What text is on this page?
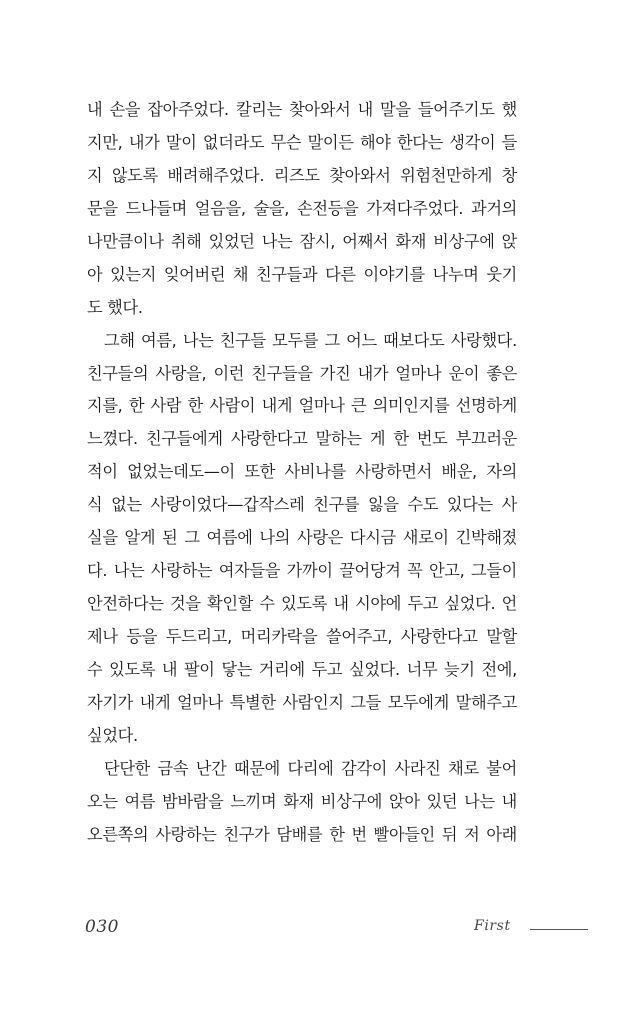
내 손을 잡아주었다. 칼리는 찾아와서 내 말을 들어주기도 했
지만, 내가 말이 없더라도 무슨 말이든 해야 한다는 생각이 들
지 않도록 배려해주었다. 리즈도 찾아와서 위험천만하게 창
문을 드나들며 얼음을, 술을, 손전등을 가져다주었다. 과거의
나만큼이나 취해 있었던 나는 잠시, 어째서 화재 비상구에 앉
아 있는지 잊어버린 채 친구들과 다른 이야기를 나누며 웃기
도 했다.
그해 여름, 나는 친구들 모두를 그 어느 때보다도 사랑했다.
친구들의 사랑을, 이런 친구들을 가진 내가 얼마나 운이 좋은
지를, 한 사람 한 사람이 내게 얼마나 큰 의미인지를 선명하게
느꼈다. 친구들에게 사랑한다고 말하는 게 한 번도 부끄러운
적이 없었는데도—이 또한 사비나를 사랑하면서 배운, 자의
식 없는 사랑이었다—갑작스레 친구를 잃을 수도 있다는 사
실을 알게 된 그 여름에 나의 사랑은 다시금 새로이 긴박해졌
다. 나는 사랑하는 여자들을 가까이 끌어당겨 꼭 안고, 그들이
안전하다는 것을 확인할 수 있도록 내 시야에 두고 싶었다. 언
제나 등을 두드리고, 머리카락을 쓸어주고, 사랑한다고 말할
수 있도록 내 팔이 닿는 거리에 두고 싶었다. 너무 늦기 전에,
자기가 내게 얼마나 특별한 사람인지 그들 모두에게 말해주고
싶었다.
단단한 금속 난간 때문에 다리에 감각이 사라진 채로 불어
오는 여름 밤바람을 느끼며 화재 비상구에 앉아 있던 나는 내
오른쪽의 사랑하는 친구가 담배를 한 번 빨아들인 뒤 저 아래
030	First
